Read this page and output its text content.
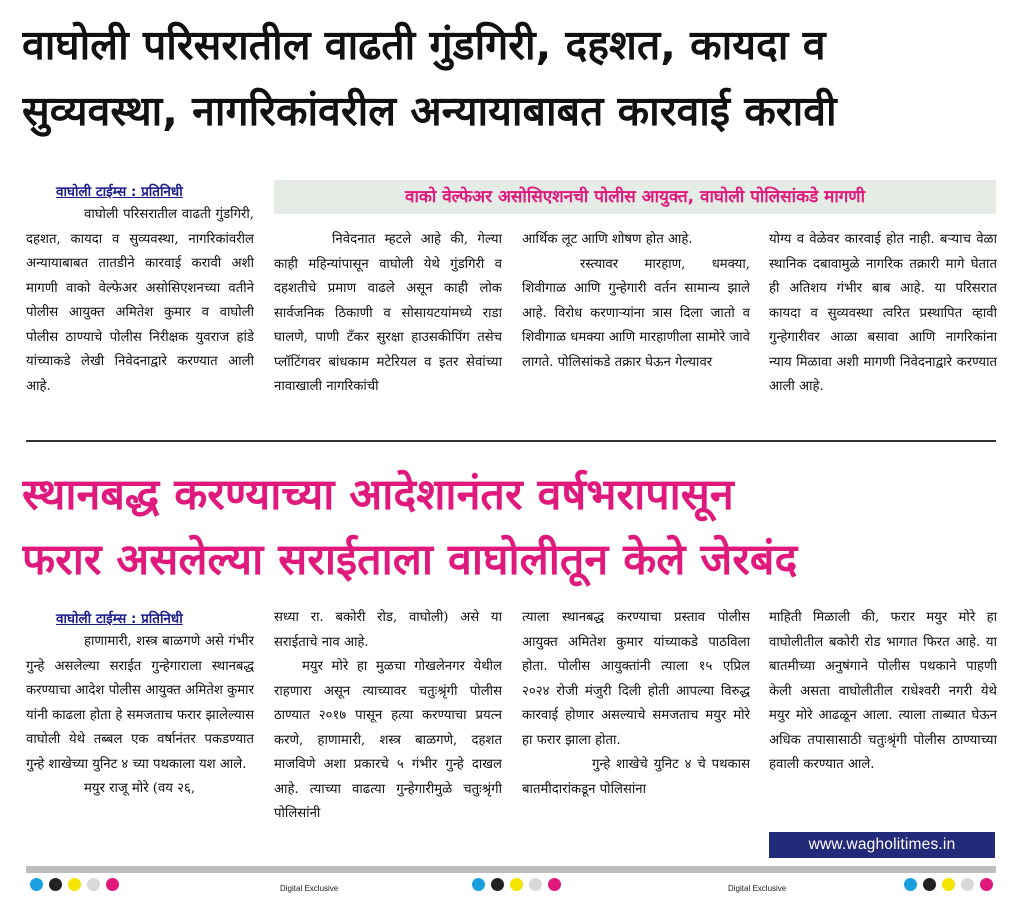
वाघोली परिसरातील वाढती गुंडगिरी, दहशत, कायदा व
सुव्यवस्था, नागरिकांवरील अन्यायाबाबत कारवाई करावी
वाघोली टाईम्स : प्रतिनिधी	वाको वेल्फेअर असोसिएशनची पोलीस आयुक्त, वाघोली पोलिसांकडे मागणी

वाघोली परिसरातील वाढती गुंडगिरी, दहशत, कायदा व सुव्यवस्था, नागरिकांवरील अन्यायाबाबत तातडीने कारवाई करावी अशी मागणी वाको वेल्फेअर असोसिएशनच्या वतीने पोलीस आयुक्त अमितेश कुमार व वाघोली पोलीस ठाण्याचे पोलीस निरीक्षक युवराज हांडे यांच्याकडे लेखी निवेदनाद्वारे करण्यात आली आहे.

निवेदनात म्हटले आहे की, गेल्या काही महिन्यांपासून वाघोली येथे गुंडगिरी व दहशतीचे प्रमाण वाढले असून काही लोक सार्वजनिक ठिकाणी व सोसायटयांमध्ये राडा घालणे, पाणी टँकर सुरक्षा हाउसकीपिंग तसेच प्लॉटिंगवर बांधकाम मटेरियल व इतर सेवांच्या नावाखाली नागरिकांची

आर्थिक लूट आणि शोषण होत आहे.

रस्त्यावर मारहाण, धमक्या, शिवीगाळ आणि गुन्हेगारी वर्तन सामान्य झाले आहे. विरोध करणाऱ्यांना त्रास दिला जातो व शिवीगाळ धमक्या आणि मारहाणीला सामोरे जावे लागते. पोलिसांकडे तक्रार घेऊन गेल्यावर

योग्य व वेळेवर कारवाई होत नाही. बऱ्याच वेळा स्थानिक दबावामुळे नागरिक तक्रारी मागे घेतात ही अतिशय गंभीर बाब आहे. या परिसरात कायदा व सुव्यवस्था त्वरित प्रस्थापित व्हावी गुन्हेगारीवर आळा बसावा आणि नागरिकांना न्याय मिळावा अशी मागणी निवेदनाद्वारे करण्यात आली आहे.

स्थानबद्ध करण्याच्या आदेशानंतर वर्षभरापासून
फरार असलेल्या सराईताला वाघोलीतून केले जेरबंद
वाघोली टाईम्स : प्रतिनिधी

हाणामारी, शस्त्र बाळगणे असे गंभीर गुन्हे असलेल्या सराईत गुन्हेगाराला स्थानबद्ध करण्याचा आदेश पोलीस आयुक्त अमितेश कुमार यांनी काढला होता हे समजताच फरार झालेल्यास वाघोली येथे तब्बल एक वर्षानंतर पकडण्यात गुन्हे शाखेच्या युनिट ४ च्या पथकाला यश आले.

मयुर राजू मोरे (वय २६,

सध्या रा. बकोरी रोड, वाघोली) असे या सराईताचे नाव आहे.

मयुर मोरे हा मुळचा गोखलेनगर येथील राहणारा असून त्याच्यावर चतुःश्रृंगी पोलीस ठाण्यात २०१७ पासून हत्या करण्याचा प्रयत्न करणे, हाणामारी, शस्त्र बाळगणे, दहशत माजविणे अशा प्रकारचे ५ गंभीर गुन्हे दाखल आहे. त्याच्या वाढत्या गुन्हेगारीमुळे चतुःश्रृंगी पोलिसांनी

त्याला स्थानबद्ध करण्याचा प्रस्ताव पोलीस आयुक्त अमितेश कुमार यांच्याकडे पाठविला होता. पोलीस आयुक्तांनी त्याला १५ एप्रिल २०२४ रोजी मंजुरी दिली होती आपल्या विरुद्ध कारवाई होणार असल्याचे समजताच मयुर मोरे हा फरार झाला होता.

गुन्हे शाखेचे युनिट ४ चे पथकास बातमीदारांकडून पोलिसांना

माहिती मिळाली की, फरार मयुर मोरे हा वाघोलीतील बकोरी रोड भागात फिरत आहे. या बातमीच्या अनुषंगाने पोलीस पथकाने पाहणी केली असता वाघोलीतील राधेश्वरी नगरी येथे मयुर मोरे आढळून आला. त्याला ताब्यात घेऊन अधिक तपासासाठी चतुःश्रृंगी पोलीस ठाण्याच्या हवाली करण्यात आले.

www.wagholitimes.in
Digital Exclusive	Digital Exclusive
